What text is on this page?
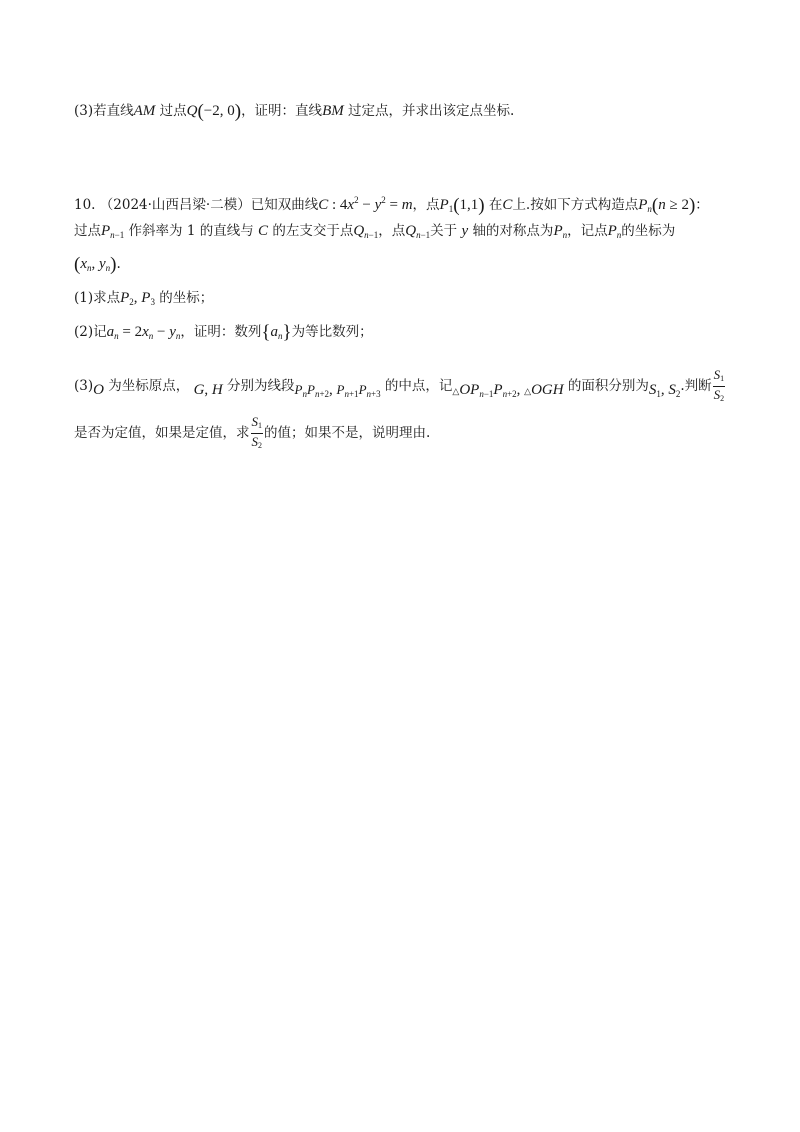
(3)若直线AM 过点Q(−2, 0)，证明：直线BM 过定点，并求出该定点坐标.
10. （2024·山西吕梁·二模）已知双曲线C : $4x^2 - y^2 = m$，点$P_1(1,1)$ 在C上.按如下方式构造点$P_n(n \ge 2)$：
过点$P_{n-1}$ 作斜率为 1 的直线与 C 的左支交于点$Q_{n-1}$，点$Q_{n-1}$关于 y 轴的对称点为$P_n$，记点$P_n$的坐标为
($x_n$, $y_n$).
(1)求点$P_2$, $P_3$ 的坐标；
(2)记$a_n = 2x_n - y_n$，证明：数列$\{a_n\}$为等比数列；
(3)O 为坐标原点， G, H 分别为线段$P_nP_{n+2}$, $P_{n+1}P_{n+3}$ 的中点，记$\triangle OP_{n-1}P_{n+2}$, △OGH 的面积分别为$S_1$, $S_2$.判断 $\frac{S1}{S2}$
是否为定值，如果是定值，求 $\frac{S1}{S2}$ 的值；如果不是，说明理由.
